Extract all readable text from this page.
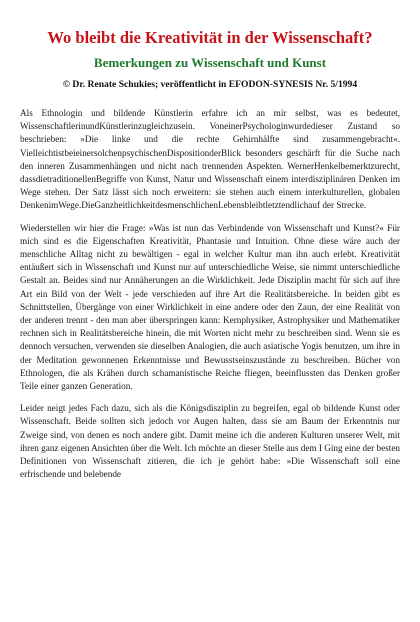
Wo bleibt die Kreativität in der Wissenschaft?
Bemerkungen zu Wissenschaft und Kunst
© Dr. Renate Schukies; veröffentlicht in EFODON-SYNESIS Nr. 5/1994

Als Ethnologin und bildende Künstlerin erfahre ich an mir selbst, was es bedeutet, WissenschaftlerinundKünstlerinzugleichzusein. VoneinerPsychologinwurdedieser Zustand so beschrieben: »Die linke und die rechte Gehirnhälfte sind zusammengebracht«. VielleichtistbeieinersolchenpsychischenDispositionderBlick besonders geschärft für die Suche nach den inneren Zusammenhängen und nicht nach trennenden Aspekten. WernerHenkelbemerktzurecht, dassdietraditionellenBegriffe von Kunst, Natur und Wissenschaft einem interdisziplinären Denken im Wege stehen. Der Satz lässt sich noch erweitern: sie stehen auch einem interkulturellen, globalen DenkenimWege.DieGanzheitlichkeitdesmenschlichenLebensbleibtletztendlichauf der Strecke.

Wiederstellen wir hier die Frage: »Was ist nun das Verbindende von Wissenschaft und Kunst?« Für mich sind es die Eigenschaften Kreativität, Phantasie und Intuition. Ohne diese wäre auch der menschliche Alltag nicht zu bewältigen - egal in welcher Kultur man ihn auch erlebt. Kreativität entäußert sich in Wissenschaft und Kunst nur auf unterschiedliche Weise, sie nimmt unterschiedliche Gestalt an. Beides sind nur Annäherungen an die Wirklichkeit. Jede Disziplin macht für sich auf ihre Art ein Bild von der Welt - jede verschieden auf ihre Art die Realitätsbereiche. In beiden gibt es Schnittstellen, Übergänge von einer Wirklichkeit in eine andere oder den Zaun, der eine Realität von der anderen trennt - den man aber überspringen kann: Kernphysiker, Astrophysiker und Mathematiker rechnen sich in Realitätsbereiche hinein, die mit Worten nicht mehr zu beschreiben sind. Wenn sie es dennoch versuchen, verwenden sie dieselben Analogien, die auch asiatische Yogis benutzen, um ihre in der Meditation gewonnenen Erkenntnisse und Bewusstseinszustände zu beschreiben. Bücher von Ethnologen, die als Krähen durch schamanistische Reiche fliegen, beeinflussten das Denken großer Teile einer ganzen Generation.

Leider neigt jedes Fach dazu, sich als die Königsdisziplin zu begreifen, egal ob bildende Kunst oder Wissenschaft. Beide sollten sich jedoch vor Augen halten, dass sie am Baum der Erkenntnis nur Zweige sind, von denen es noch andere gibt. Damit meine ich die anderen Kulturen unserer Welt, mit ihren ganz eigenen Ansichten über die Welt. Ich möchte an dieser Stelle aus dem I Ging eine der besten Definitionen von Wissenschaft zitieren, die ich je gehört habe: »Die Wissenschaft soll eine erfrischende und belebende
